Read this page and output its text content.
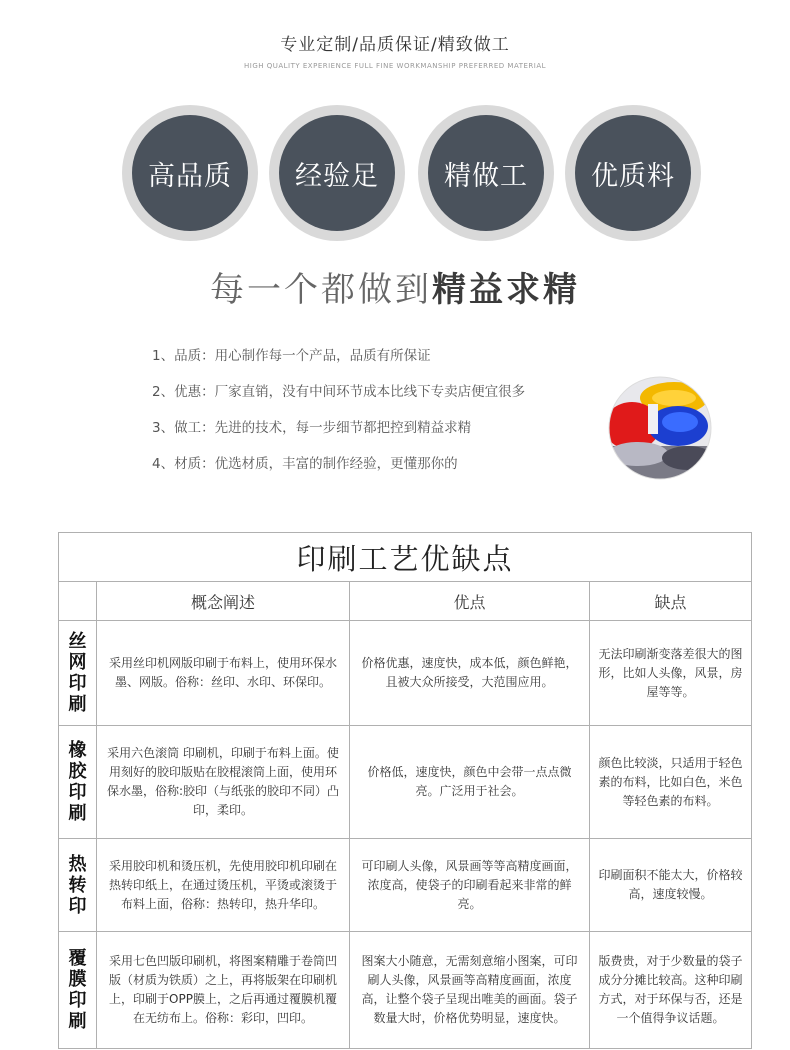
专业定制/品质保证/精致做工
HIGH QUALITY EXPERIENCE FULL FINE WORKMANSHIP PREFERRED MATERIAL
高品质	经验足	精做工	优质料
每一个都做到精益求精
1、品质：用心制作每一个产品，品质有所保证
2、优惠：厂家直销，没有中间环节成本比线下专卖店便宜很多
3、做工：先进的技术，每一步细节都把控到精益求精
4、材质：优选材质，丰富的制作经验，更懂那你的
印刷工艺优缺点			
	概念阐述	优点	缺点

丝
网
印
刷	采用丝印机网版印刷于布料上，使用环保水墨、网版。俗称：丝印、水印、环保印。	价格优惠，速度快，成本低，颜色鲜艳，且被大众所接受，大范围应用。	无法印刷渐变落差很大的图形，比如人头像，风景，房屋等等。

橡
胶
印
刷	采用六色滚筒 印刷机，印刷于布料上面。使用刻好的胶印版贴在胶棍滚筒上面，使用环保水墨，俗称:胶印（与纸张的胶印不同）凸印，柔印。	价格低，速度快，颜色中会带一点点微亮。广泛用于社会。	颜色比较淡，只适用于轻色素的布料，比如白色，米色等轻色素的布料。

热
转
印	采用胶印机和烫压机，先使用胶印机印刷在热转印纸上，在通过烫压机，平烫或滚烫于布料上面，俗称：热转印，热升华印。	可印刷人头像，风景画等等高精度画面，浓度高，使袋子的印刷看起来非常的鲜亮。	印刷面积不能太大，价格较高，速度较慢。

覆
膜
印
刷	采用七色凹版印刷机，将图案精雕于卷筒凹版（材质为铁质）之上，再将版架在印刷机上，印刷于OPP膜上，之后再通过覆膜机覆在无纺布上。俗称：彩印，凹印。	图案大小随意，无需刻意缩小图案，可印刷人头像，风景画等高精度画面，浓度高，让整个袋子呈现出唯美的画面。袋子数量大时，价格优势明显，速度快。	版费贵，对于少数量的袋子成分分摊比较高。这种印刷方式，对于环保与否，还是一个值得争议话题。
